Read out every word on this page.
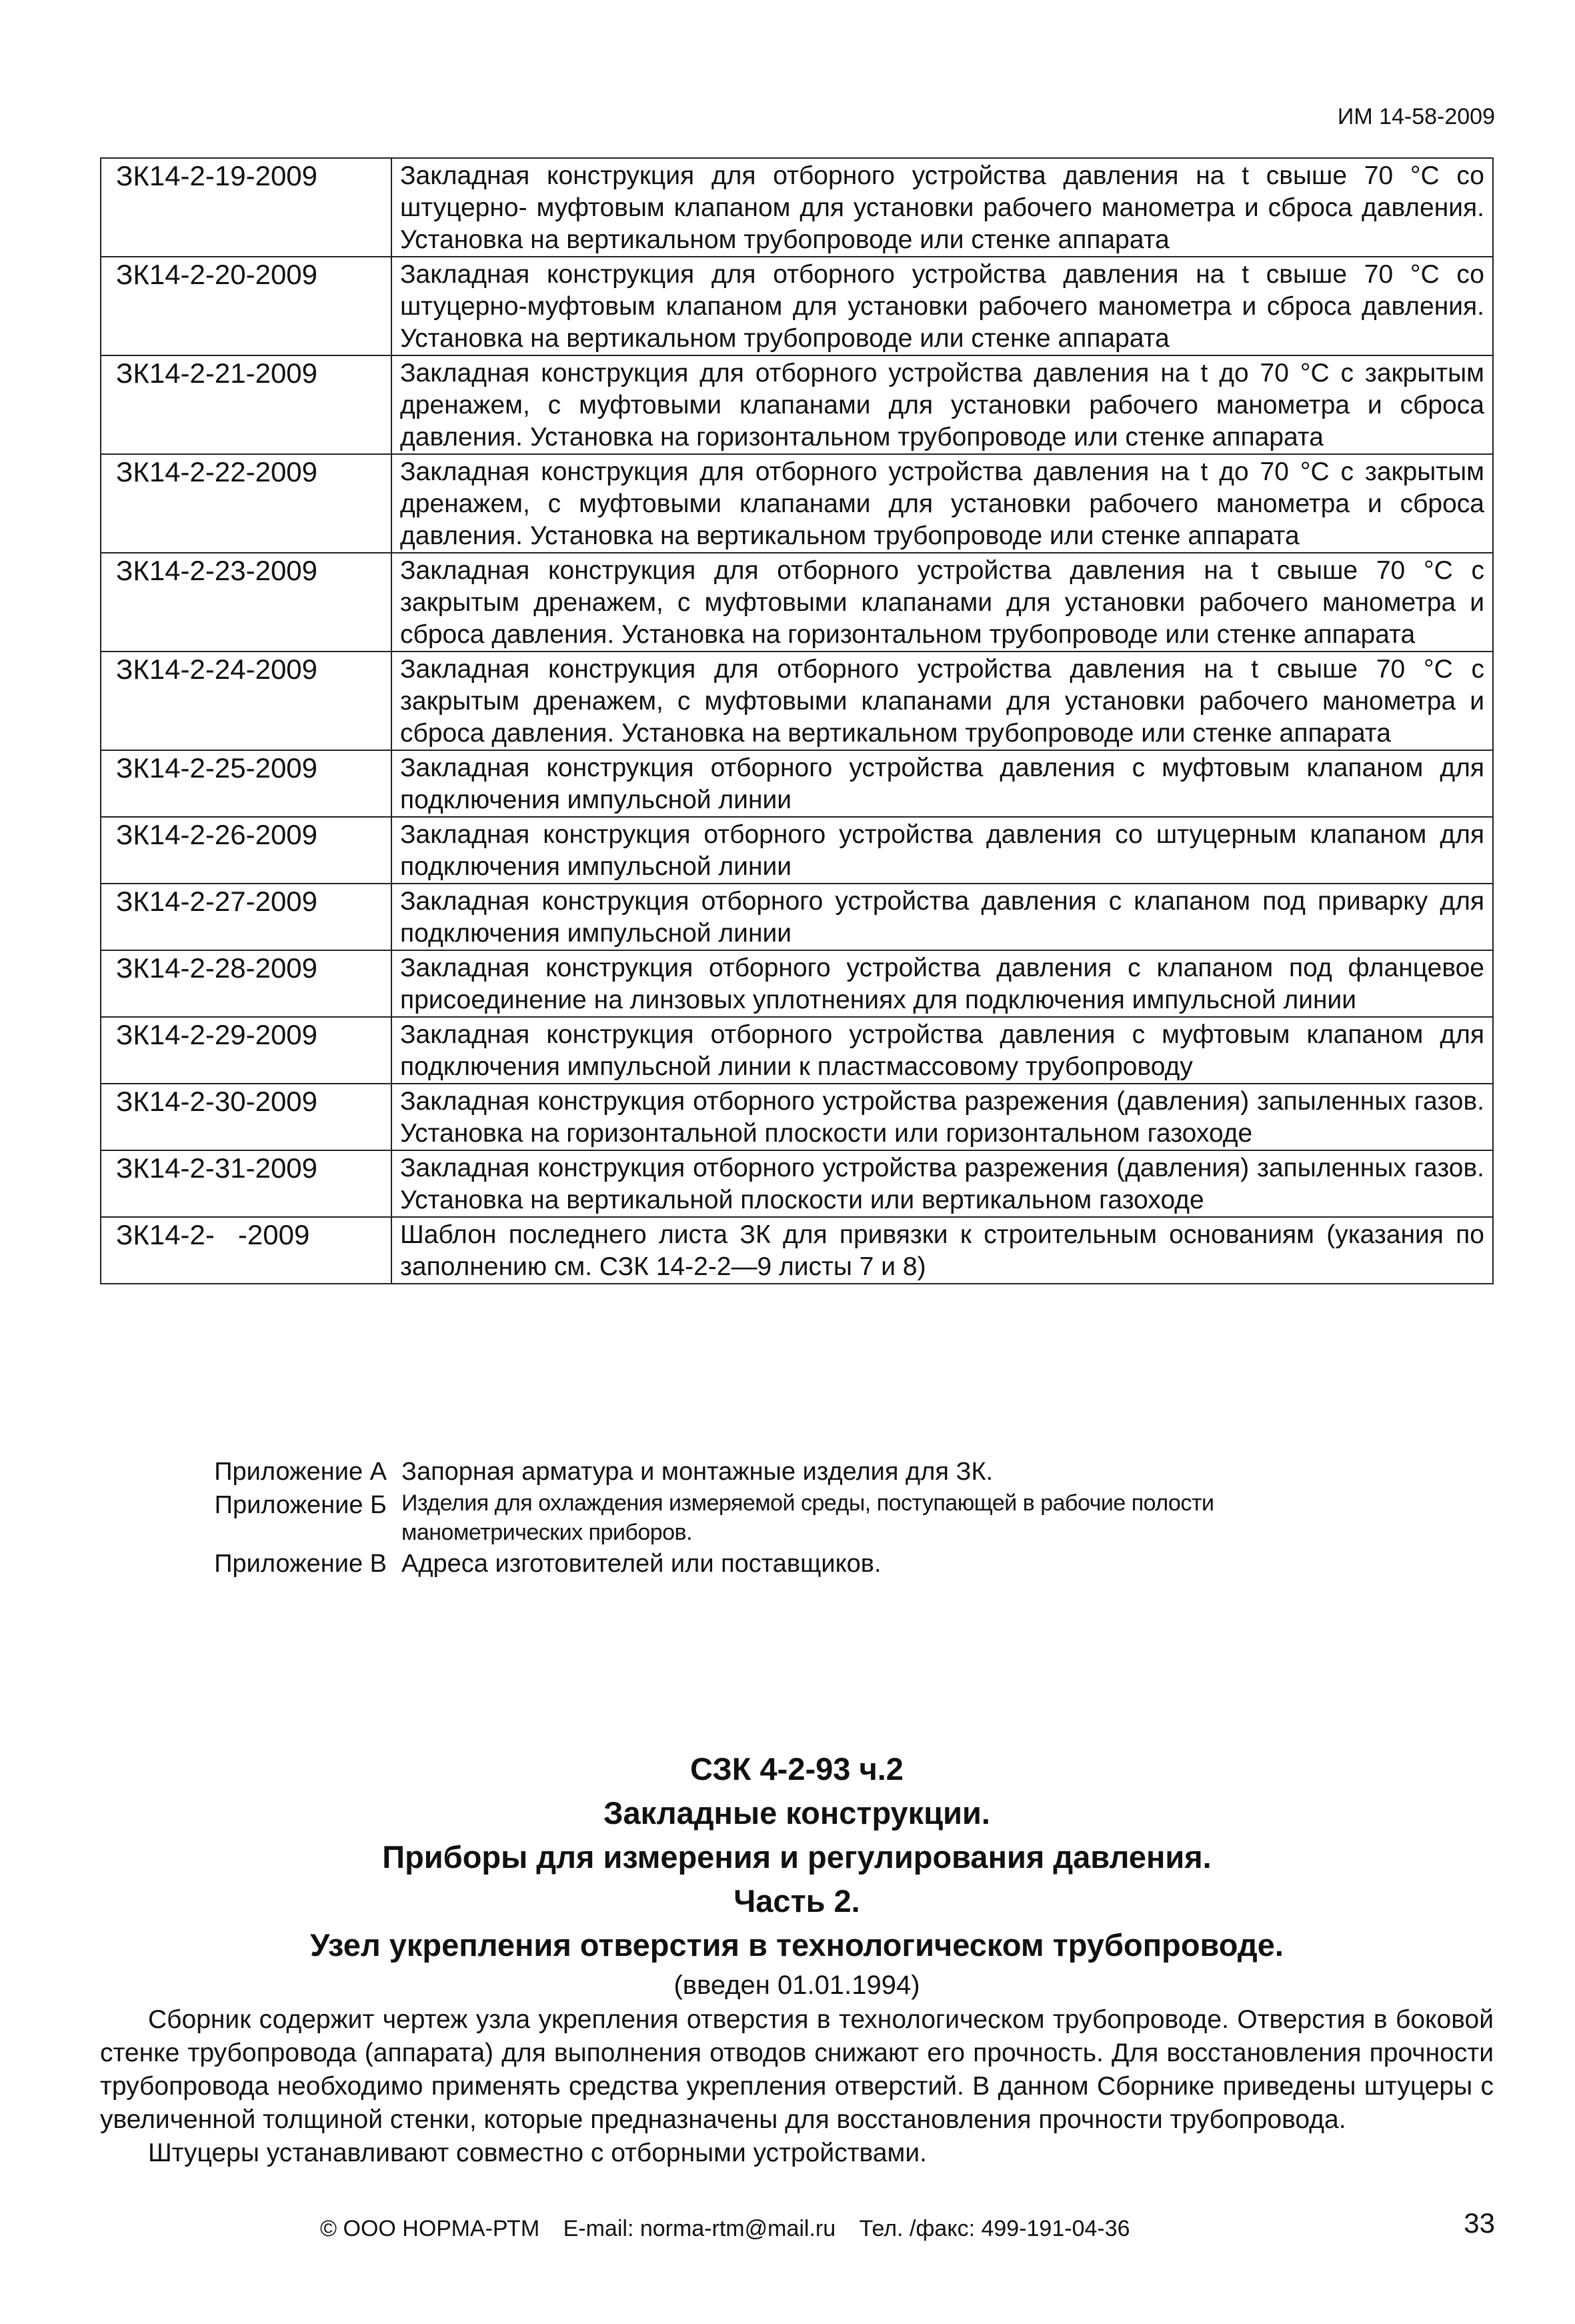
ИМ 14-58-2009
ЗК14-2-19-2009	Закладная конструкция для отборного устройства давления на t свыше 70 °С со штуцерно- муфтовым клапаном для установки рабочего манометра и сброса давления. Установка на вертикальном трубопроводе или стенке аппарата
ЗК14-2-20-2009	Закладная конструкция для отборного устройства давления на t свыше 70 °С со штуцерно-муфтовым клапаном для установки рабочего манометра и сброса давления. Установка на вертикальном трубопроводе или стенке аппарата
ЗК14-2-21-2009	Закладная конструкция для отборного устройства давления на t до 70 °С с закрытым дренажем, с муфтовыми клапанами для установки рабочего манометра и сброса давления. Установка на горизонтальном трубопроводе или стенке аппарата
ЗК14-2-22-2009	Закладная конструкция для отборного устройства давления на t до 70 °С с закрытым дренажем, с муфтовыми клапанами для установки рабочего манометра и сброса давления. Установка на вертикальном трубопроводе или стенке аппарата
ЗК14-2-23-2009	Закладная конструкция для отборного устройства давления на t свыше 70 °С с закрытым дренажем, с муфтовыми клапанами для установки рабочего манометра и сброса давления. Установка на горизонтальном трубопроводе или стенке аппарата
ЗК14-2-24-2009	Закладная конструкция для отборного устройства давления на t свыше 70 °С с закрытым дренажем, с муфтовыми клапанами для установки рабочего манометра и сброса давления. Установка на вертикальном трубопроводе или стенке аппарата
ЗК14-2-25-2009	Закладная конструкция отборного устройства давления с муфтовым клапаном для подключения импульсной линии
ЗК14-2-26-2009	Закладная конструкция отборного устройства давления со штуцерным клапаном для подключения импульсной линии
ЗК14-2-27-2009	Закладная конструкция отборного устройства давления с клапаном под приварку для подключения импульсной линии
ЗК14-2-28-2009	Закладная конструкция отборного устройства давления с клапаном под фланцевое присоединение на линзовых уплотнениях для подключения импульсной линии
ЗК14-2-29-2009	Закладная конструкция отборного устройства давления с муфтовым клапаном для подключения импульсной линии к пластмассовому трубопроводу
ЗК14-2-30-2009	Закладная конструкция отборного устройства разрежения (давления) запыленных газов. Установка на горизонтальной плоскости или горизонтальном газоходе
ЗК14-2-31-2009	Закладная конструкция отборного устройства разрежения (давления) запыленных газов. Установка на вертикальной плоскости или вертикальном газоходе
ЗК14-2-   -2009	Шаблон последнего листа ЗК для привязки к строительным основаниям (указания по заполнению см. СЗК 14-2-2—9 листы 7 и 8)
Приложение А Запорная арматура и монтажные изделия для ЗК.
Приложение Б Изделия для охлаждения измеряемой среды, поступающей в рабочие полости манометрических приборов.
Приложение В Адреса изготовителей или поставщиков.
СЗК 4-2-93 ч.2
Закладные конструкции.
Приборы для измерения и регулирования давления.
Часть 2.
Узел укрепления отверстия в технологическом трубопроводе.
(введен 01.01.1994)

Сборник содержит чертеж узла укрепления отверстия в технологическом трубопроводе. Отверстия в боковой стенке трубопровода (аппарата) для выполнения отводов снижают его прочность. Для восстановления прочности трубопровода необходимо применять средства укрепления отверстий. В данном Сборнике приведены штуцеры с увеличенной толщиной стенки, которые предназначены для восстановления прочности трубопровода.

Штуцеры устанавливают совместно с отборными устройствами.

© ООО НОРМА-РТМ E-mail: norma-rtm@mail.ru Тел. /факс: 499-191-04-36	33
